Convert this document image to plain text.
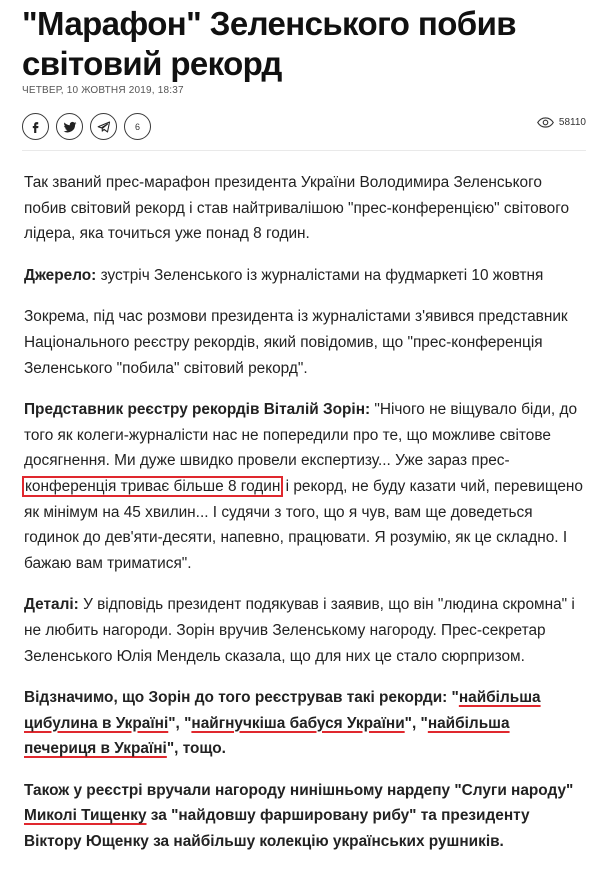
"Марафон" Зеленського побив світовий рекорд
ЧЕТВЕР, 10 ЖОВТНЯ 2019, 18:37
6	58110

Так званий прес-марафон президента України Володимира Зеленського побив світовий рекорд і став найтривалішою "прес-конференцією" світового лідера, яка точиться уже понад 8 годин.

Джерело: зустріч Зеленського із журналістами на фудмаркеті 10 жовтня

Зокрема, під час розмови президента із журналістами з'явився представник Національного реєстру рекордів, який повідомив, що "прес-конференція Зеленського "побила" світовий рекорд".

Представник реєстру рекордів Віталій Зорін: "Нічого не віщувало біди, до того як колеги-журналісти нас не попередили про те, що можливе світове досягнення. Ми дуже швидко провели експертизу... Уже зараз прес-конференція триває більше 8 годин і рекорд, не буду казати чий, перевищено як мінімум на 45 хвилин... І судячи з того, що я чув, вам ще доведеться годинок до дев'яти-десяти, напевно, працювати. Я розумію, як це складно. І бажаю вам триматися".

Деталі: У відповідь президент подякував і заявив, що він "людина скромна" і не любить нагороди. Зорін вручив Зеленському нагороду. Прес-секретар Зеленського Юлія Мендель сказала, що для них це стало сюрпризом.

Відзначимо, що Зорін до того реєстрував такі рекорди: "найбільша цибулина в Україні", "найгнучкіша бабуся України", "найбільша печериця в Україні", тощо.

Також у реєстрі вручали нагороду нинішньому нардепу "Слуги народу" Миколі Тищенку за "найдовшу фаршировану рибу" та президенту Віктору Ющенку за найбільшу колекцію українських рушників.
